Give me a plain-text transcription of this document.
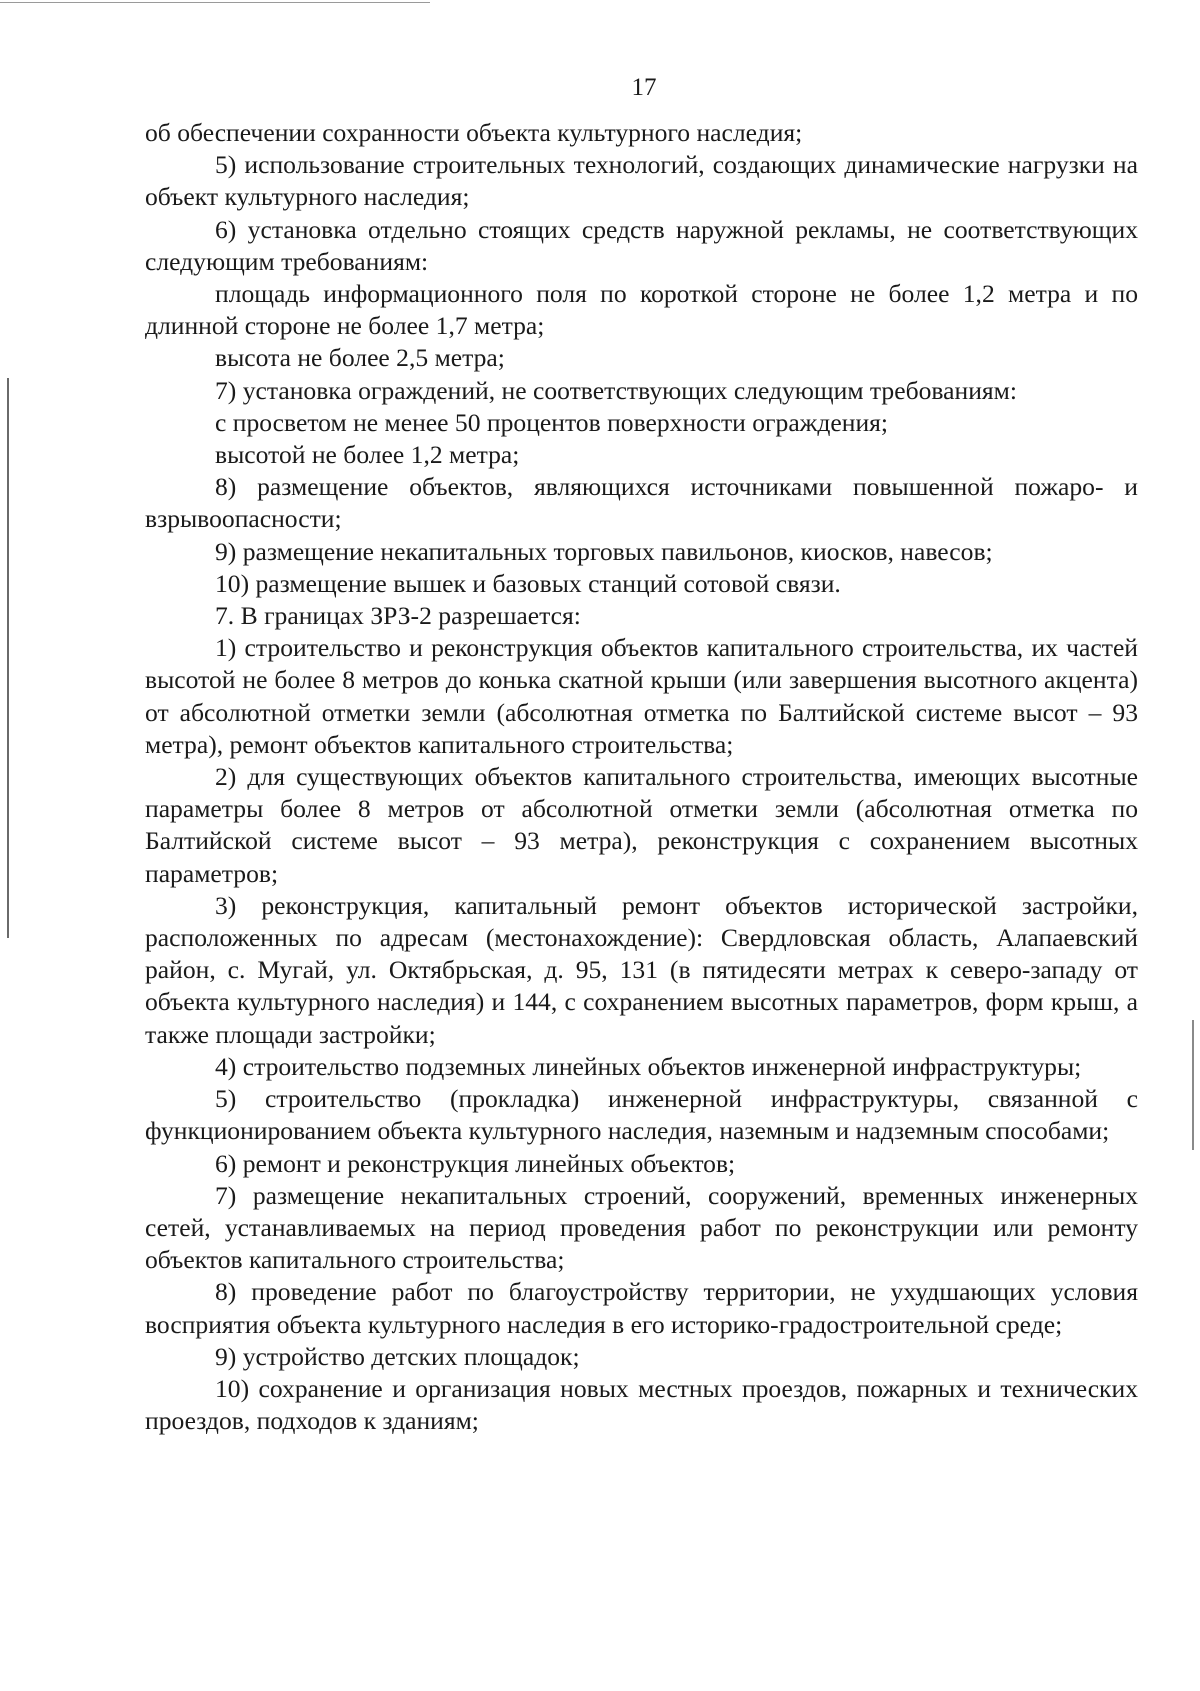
17

об обеспечении сохранности объекта культурного наследия;

5) использование строительных технологий, создающих динамические нагрузки на объект культурного наследия;

6) установка отдельно стоящих средств наружной рекламы, не соответствующих следующим требованиям:

площадь информационного поля по короткой стороне не более 1,2 метра и по длинной стороне не более 1,7 метра;

высота не более 2,5 метра;

7) установка ограждений, не соответствующих следующим требованиям:

с просветом не менее 50 процентов поверхности ограждения;

высотой не более 1,2 метра;

8) размещение объектов, являющихся источниками повышенной пожаро- и взрывоопасности;

9) размещение некапитальных торговых павильонов, киосков, навесов;

10) размещение вышек и базовых станций сотовой связи.

7. В границах ЗРЗ-2 разрешается:

1) строительство и реконструкция объектов капитального строительства, их частей высотой не более 8 метров до конька скатной крыши (или завершения высотного акцента) от абсолютной отметки земли (абсолютная отметка по Балтийской системе высот – 93 метра), ремонт объектов капитального строительства;

2) для существующих объектов капитального строительства, имеющих высотные параметры более 8 метров от абсолютной отметки земли (абсолютная отметка по Балтийской системе высот – 93 метра), реконструкция с сохранением высотных параметров;

3) реконструкция, капитальный ремонт объектов исторической застройки, расположенных по адресам (местонахождение): Свердловская область, Алапаевский район, с. Мугай, ул. Октябрьская, д. 95, 131 (в пятидесяти метрах к северо-западу от объекта культурного наследия) и 144, с сохранением высотных параметров, форм крыш, а также площади застройки;

4) строительство подземных линейных объектов инженерной инфраструктуры;

5) строительство (прокладка) инженерной инфраструктуры, связанной с функционированием объекта культурного наследия, наземным и надземным способами;

6) ремонт и реконструкция линейных объектов;

7) размещение некапитальных строений, сооружений, временных инженерных сетей, устанавливаемых на период проведения работ по реконструкции или ремонту объектов капитального строительства;

8) проведение работ по благоустройству территории, не ухудшающих условия восприятия объекта культурного наследия в его историко-градостроительной среде;

9) устройство детских площадок;

10) сохранение и организация новых местных проездов, пожарных и технических проездов, подходов к зданиям;
